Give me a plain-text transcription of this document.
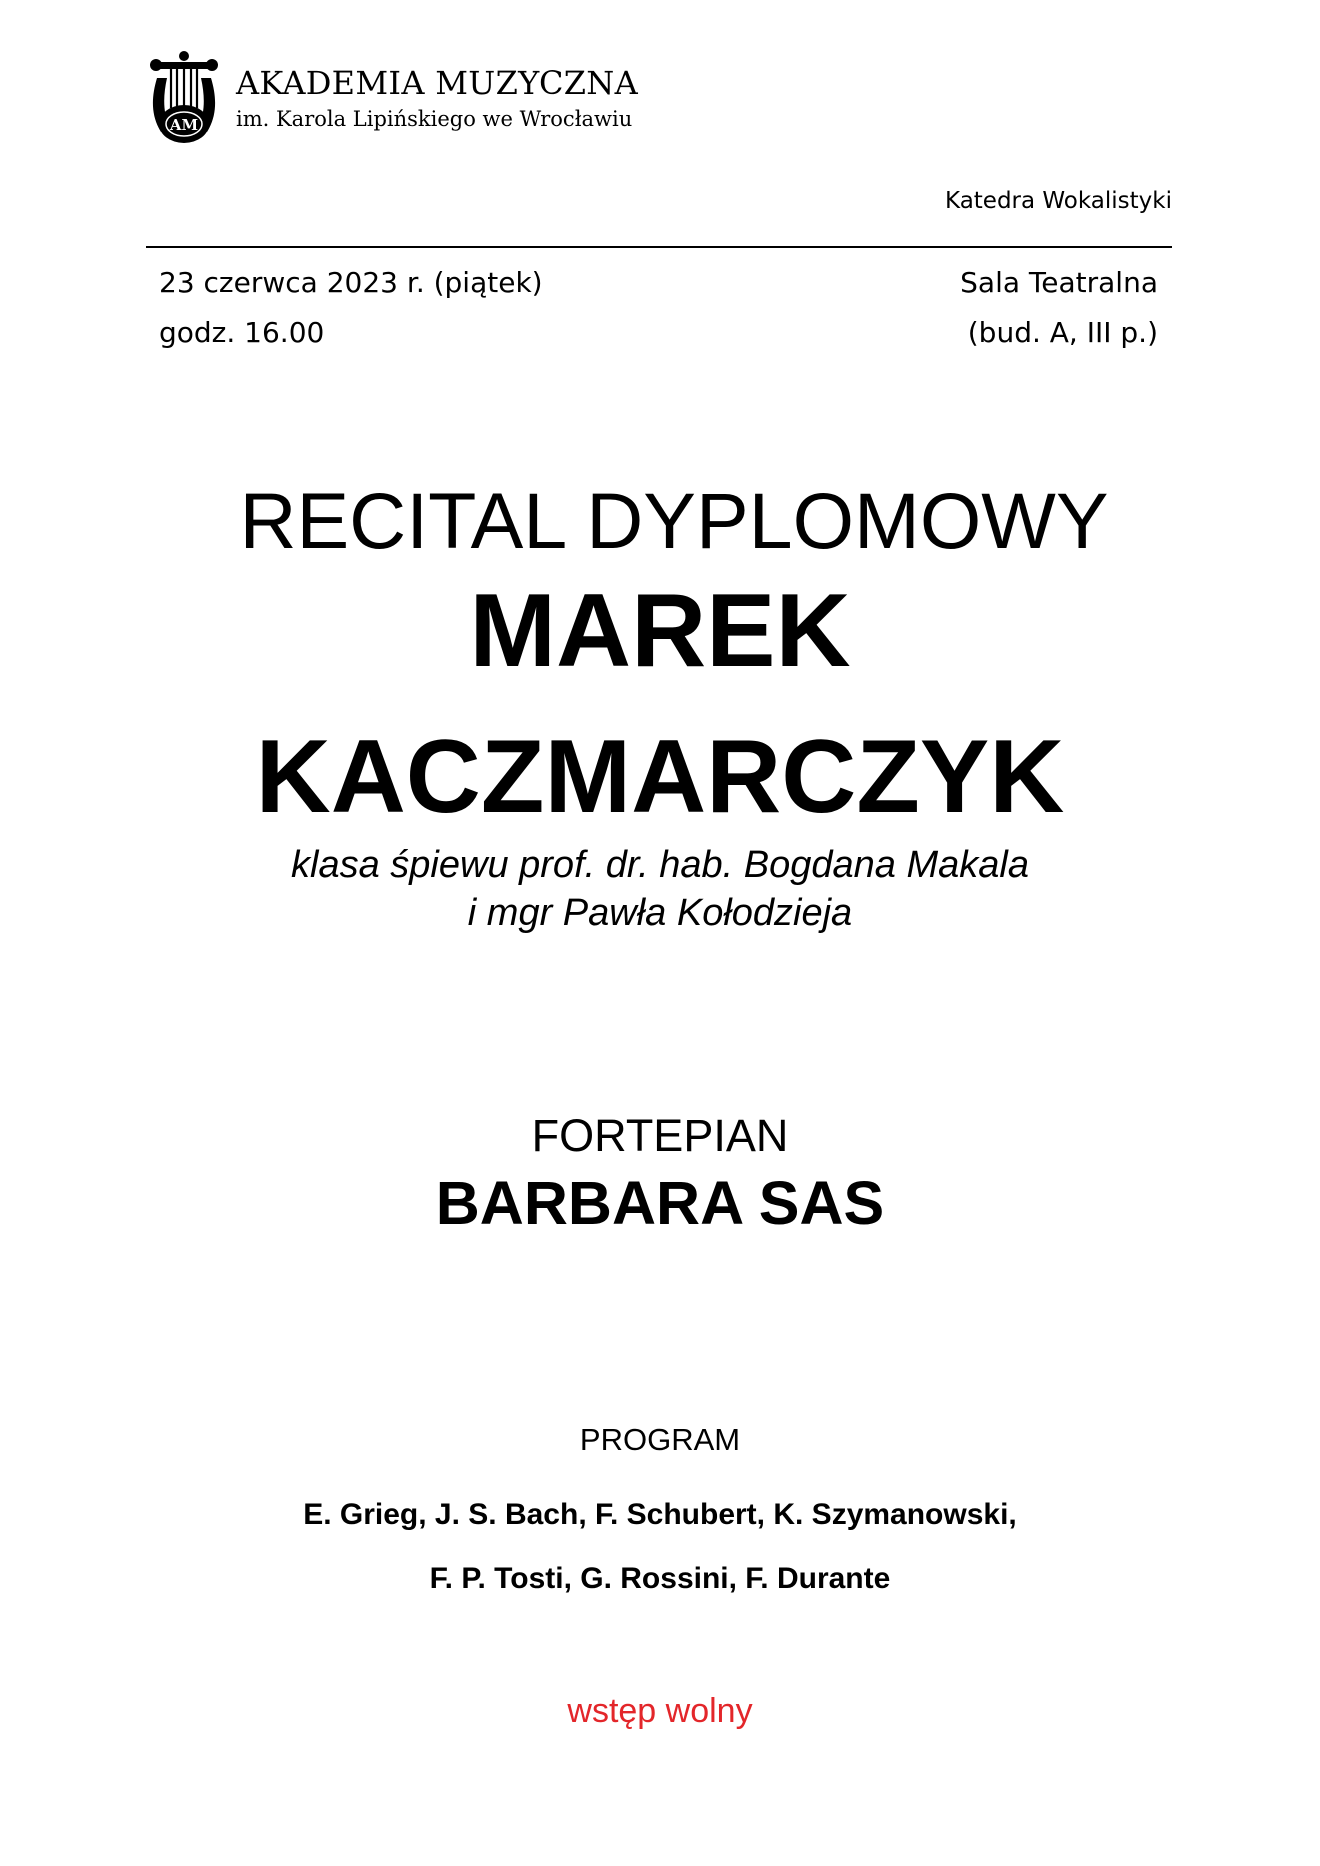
AM
AKADEMIA MUZYCZNA
im. Karola Lipińskiego we Wrocławiu
Katedra Wokalistyki
23 czerwca 2023 r. (piątek)
godz. 16.00
Sala Teatralna
(bud. A, III p.)
RECITAL DYPLOMOWY
MAREK
KACZMARCZYK
klasa śpiewu prof. dr. hab. Bogdana Makala
i mgr Pawła Kołodzieja
FORTEPIAN
BARBARA SAS
PROGRAM
E. Grieg, J. S. Bach, F. Schubert, K. Szymanowski,
F. P. Tosti, G. Rossini, F. Durante
wstęp wolny
